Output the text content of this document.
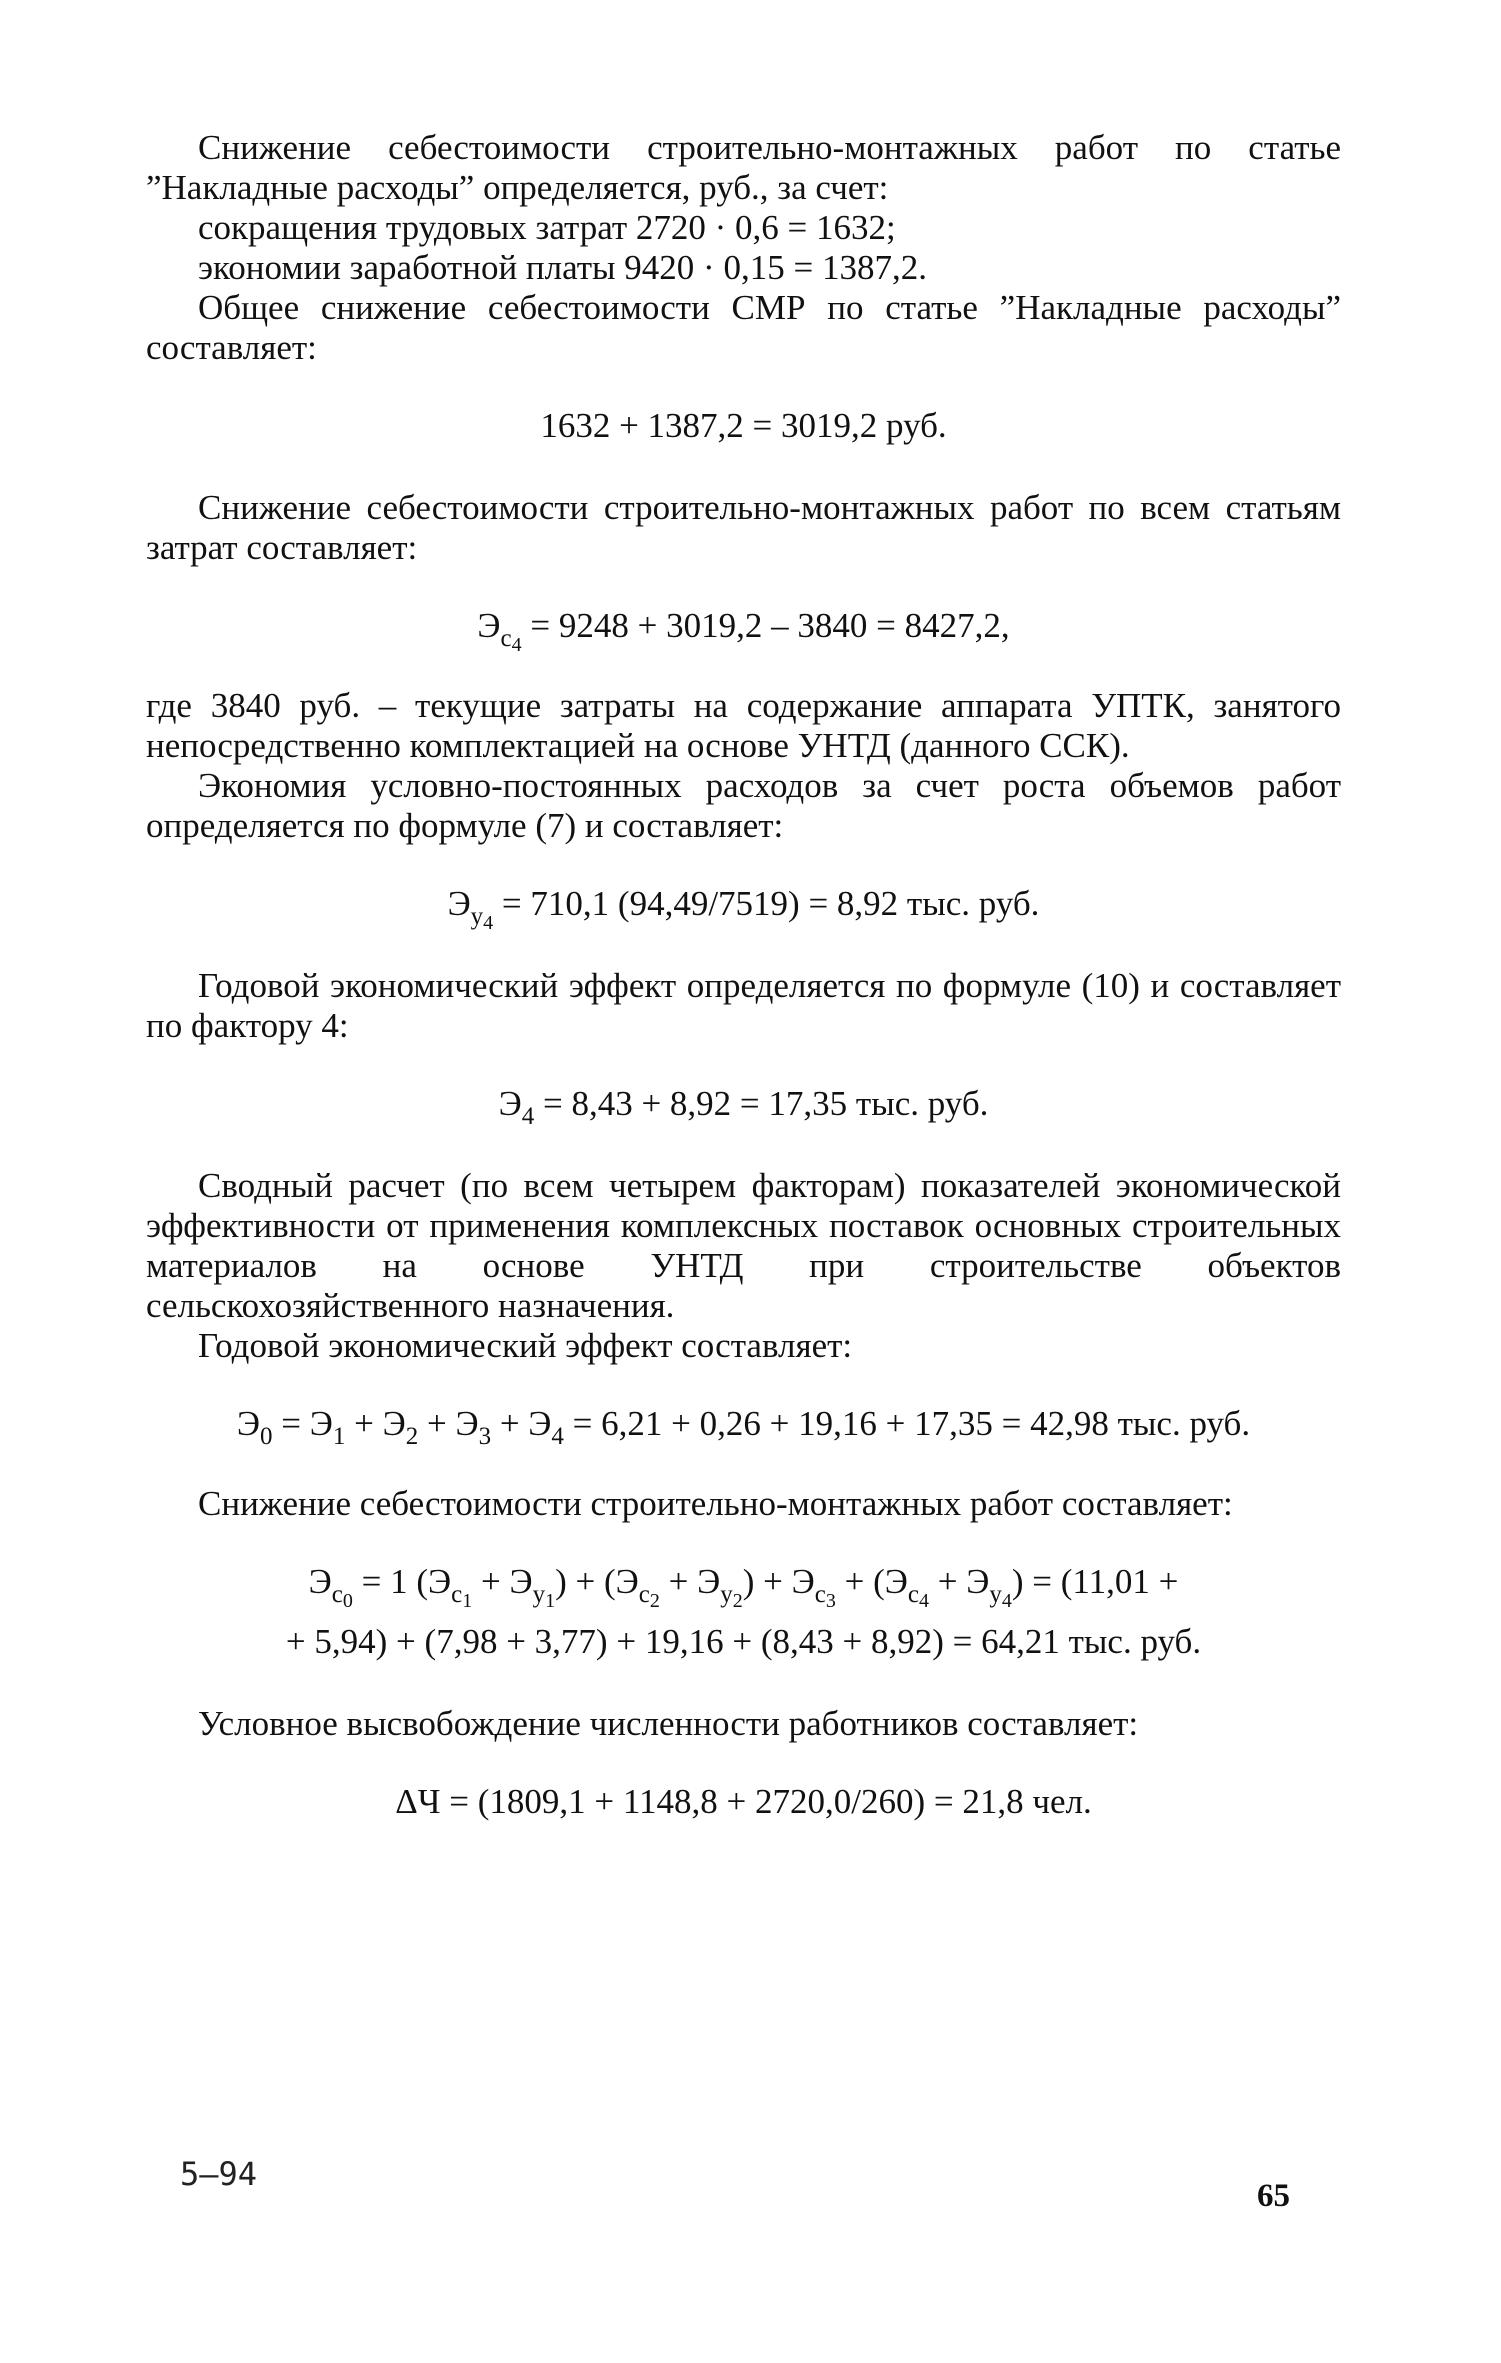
Снижение себестоимости строительно-монтажных работ по статье ”Накладные расходы” определяется, руб., за счет:

сокращения трудовых затрат 2720 · 0,6 = 1632;

экономии заработной платы 9420 · 0,15 = 1387,2.

Общее снижение себестоимости СМР по статье ”Накладные расходы” составляет:

1632 + 1387,2 = 3019,2 руб.

Снижение себестоимости строительно-монтажных работ по всем статьям затрат составляет:

$Э_{с_4} = 9248 + 3019,2 - 3840 = 8427,2$,

где 3840 руб. – текущие затраты на содержание аппарата УПТК, занятого непосредственно комплектацией на основе УНТД (данного ССК).

Экономия условно-постоянных расходов за счет роста объемов работ определяется по формуле (7) и составляет:

$Э_{у_4} = 710,1$ (94,49/7519) = 8,92 тыс. руб.

Годовой экономический эффект определяется по формуле (10) и составляет по фактору 4:

$Э_4 = 8,43 + 8,92 = 17,35$ тыс. руб.

Сводный расчет (по всем четырем факторам) показателей экономической эффективности от применения комплексных поставок основных строительных материалов на основе УНТД при строительстве объектов сельскохозяйственного назначения.

Годовой экономический эффект составляет:

$Э_0 = Э_1 + Э_2 + Э_3 + Э_4 = 6,21 + 0,26 + 19,16 + 17,35 = 42,98$ тыс. руб.

Снижение себестоимости строительно-монтажных работ составляет:

$Э_{с_0} = 1$ $(Э_{с_1} + Э_{у_1}) + (Э_{с_2} + Э_{у_2}) + Э_{с_3} + (Э_{с_4} + Э_{у_4}) = (11,01$ +
+ 5,94) + (7,98 + 3,77) + 19,16 + (8,43 + 8,92) = 64,21 тыс. руб.

Условное высвобождение численности работников составляет:

ΔЧ = (1809,1 + 1148,8 + 2720,0/260) = 21,8 чел.
5–94
65
